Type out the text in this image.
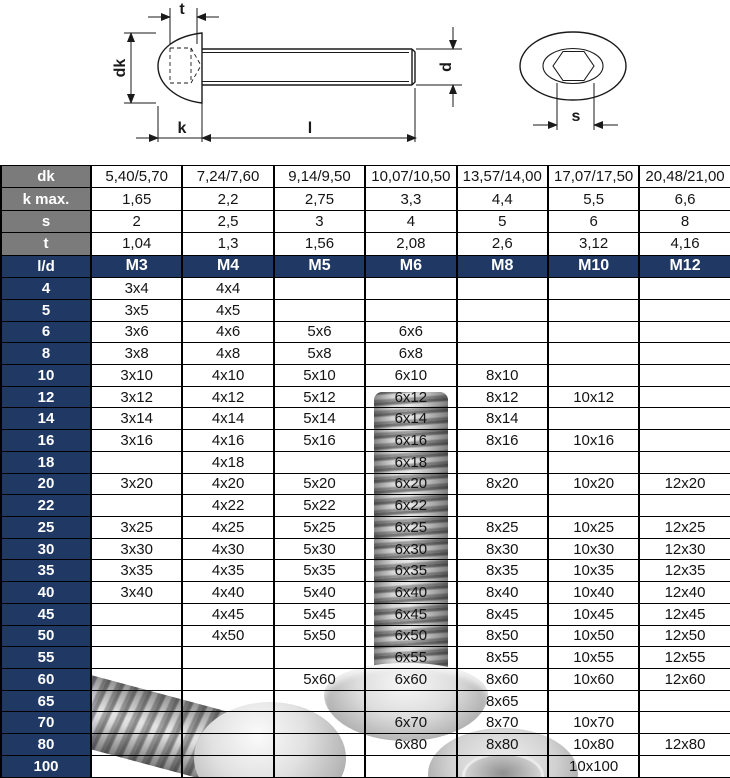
t
dk
k	l
d
s
dk	5,40/5,70	7,24/7,60	9,14/9,50	10,07/10,50	13,57/14,00	17,07/17,50	20,48/21,00
k max.	1,65	2,2	2,75	3,3	4,4	5,5	6,6
s	2	2,5	3	4	5	6	8
t	1,04	1,3	1,56	2,08	2,6	3,12	4,16
l/d	M3	M4	M5	M6	M8	M10	M12
4	3x4	4x4					
5	3x5	4x5					
6	3x6	4x6	5x6	6x6			
8	3x8	4x8	5x8	6x8			
10	3x10	4x10	5x10	6x10	8x10		
12	3x12	4x12	5x12	6x12	8x12	10x12	
14	3x14	4x14	5x14	6x14	8x14		
16	3x16	4x16	5x16	6x16	8x16	10x16	
18		4x18		6x18			
20	3x20	4x20	5x20	6x20	8x20	10x20	12x20
22		4x22	5x22	6x22			
25	3x25	4x25	5x25	6x25	8x25	10x25	12x25
30	3x30	4x30	5x30	6x30	8x30	10x30	12x30
35	3x35	4x35	5x35	6x35	8x35	10x35	12x35
40	3x40	4x40	5x40	6x40	8x40	10x40	12x40
45		4x45	5x45	6x45	8x45	10x45	12x45
50		4x50	5x50	6x50	8x50	10x50	12x50
55				6x55	8x55	10x55	12x55
60			5x60	6x60	8x60	10x60	12x60
65					8x65		
70				6x70	8x70	10x70	
80				6x80	8x80	10x80	12x80
100						10x100	
